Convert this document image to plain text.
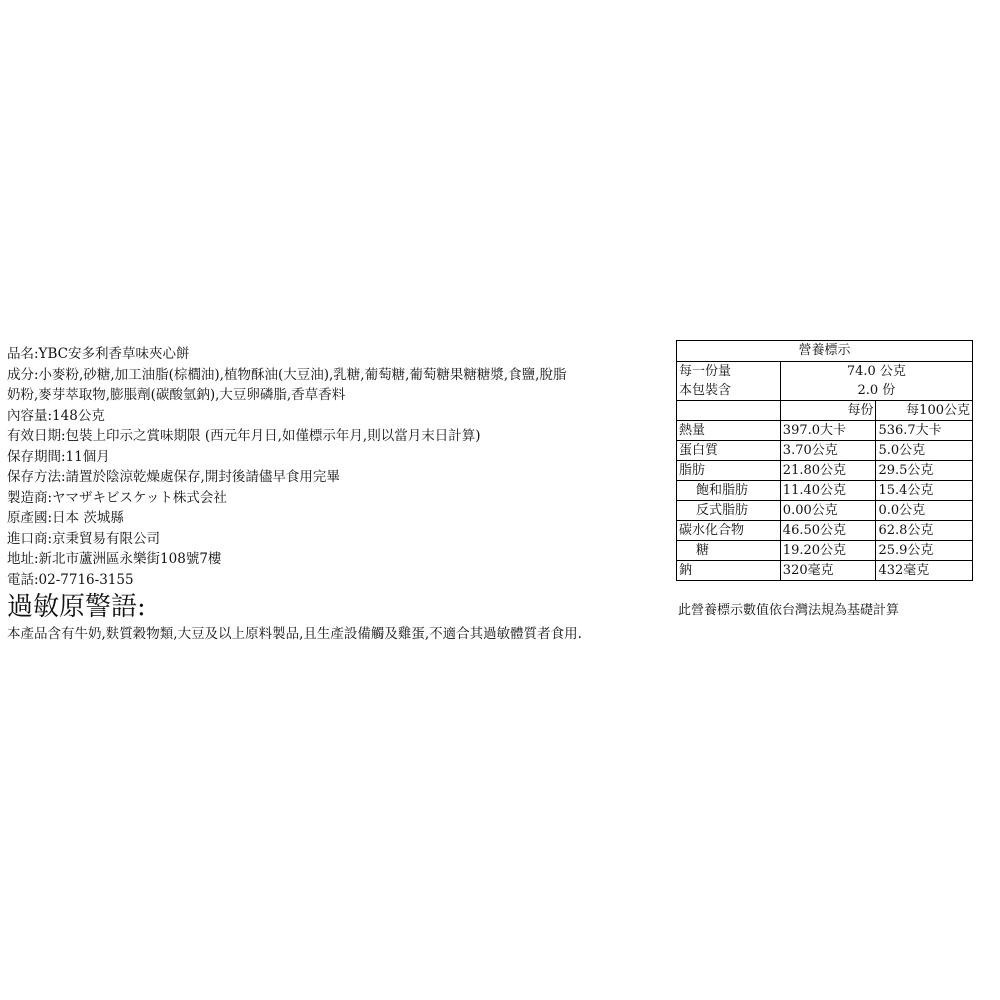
品名:YBC安多利香草味夾心餅
成分:小麥粉,砂糖,加工油脂(棕櫚油),植物酥油(大豆油),乳糖,葡萄糖,葡萄糖果糖糖漿,食鹽,脫脂
奶粉,麥芽萃取物,膨脹劑(碳酸氫鈉),大豆卵磷脂,香草香料
內容量:148公克
有效日期:包裝上印示之賞味期限 (西元年月日,如僅標示年月,則以當月末日計算)
保存期間:11個月
保存方法:請置於陰涼乾燥處保存,開封後請儘早食用完畢
製造商:ヤマザキビスケット株式会社
原產國:日本 茨城縣
進口商:京秉貿易有限公司
地址:新北市蘆洲區永樂街108號7樓
電話:02-7716-3155
過敏原警語:
本產品含有牛奶,麩質穀物類,大豆及以上原料製品,且生產設備觸及雞蛋,不適合其過敏體質者食用.
營養標示		
每一份量	74.0 公克	
本包裝含	2.0 份	
	每份	每100公克
熱量	397.0大卡	536.7大卡
蛋白質	3.70公克	5.0公克
脂肪	21.80公克	29.5公克
飽和脂肪	11.40公克	15.4公克
反式脂肪	0.00公克	0.0公克
碳水化合物	46.50公克	62.8公克
糖	19.20公克	25.9公克
鈉	320毫克	432毫克
此營養標示數值依台灣法規為基礎計算
